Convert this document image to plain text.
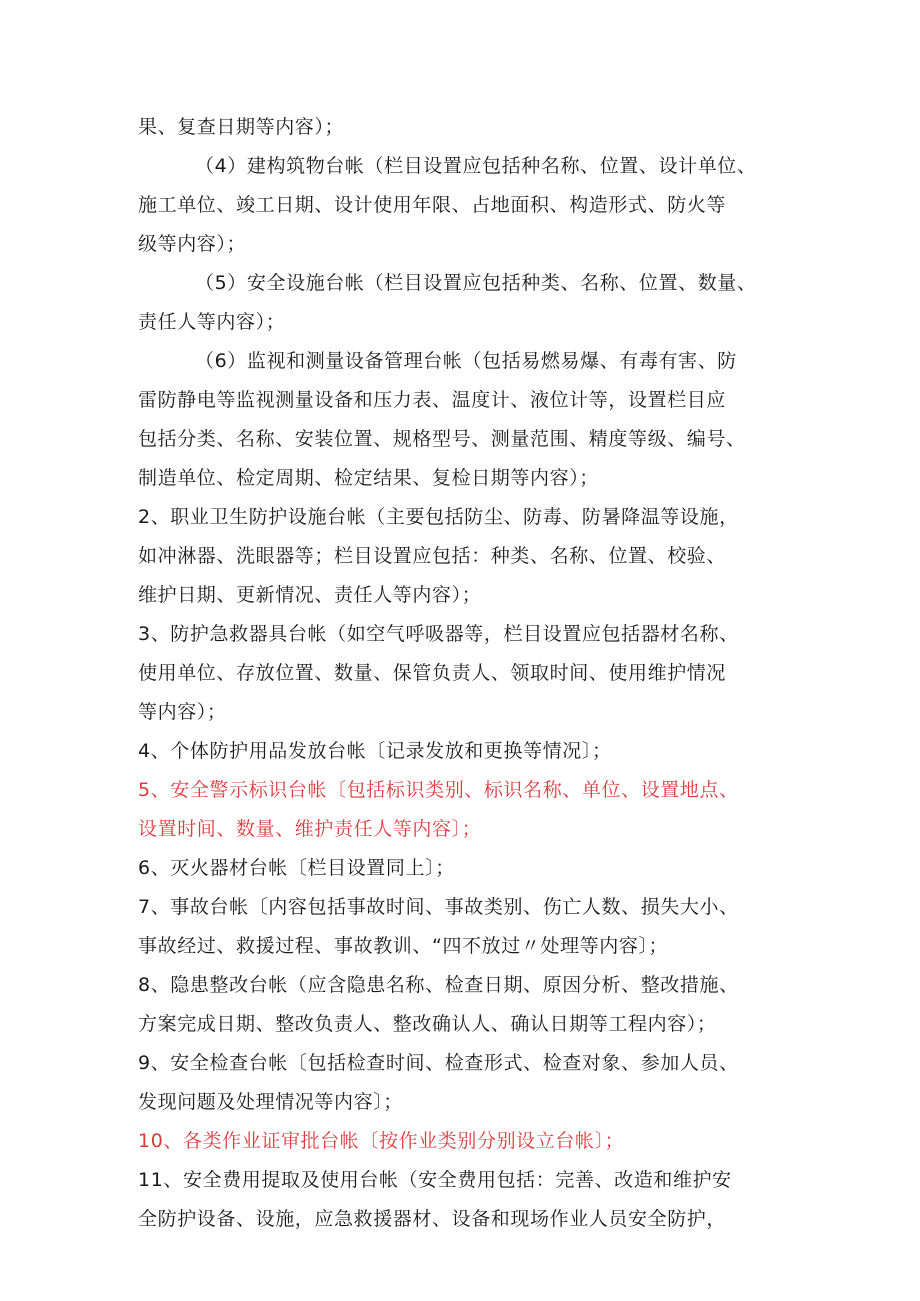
果、复查日期等内容）；
（4）建构筑物台帐（栏目设置应包括种名称、位置、设计单位、
施工单位、竣工日期、设计使用年限、占地面积、构造形式、防火等
级等内容）；
（5）安全设施台帐（栏目设置应包括种类、名称、位置、数量、
责任人等内容）；
（6）监视和测量设备管理台帐（包括易燃易爆、有毒有害、防
雷防静电等监视测量设备和压力表、温度计、液位计等，设置栏目应
包括分类、名称、安装位置、规格型号、测量范围、精度等级、编号、
制造单位、检定周期、检定结果、复检日期等内容）；
2、职业卫生防护设施台帐（主要包括防尘、防毒、防暑降温等设施，
如冲淋器、洗眼器等；栏目设置应包括：种类、名称、位置、校验、
维护日期、更新情况、责任人等内容）；
3、防护急救器具台帐（如空气呼吸器等，栏目设置应包括器材名称、
使用单位、存放位置、数量、保管负责人、领取时间、使用维护情况
等内容）；
4、个体防护用品发放台帐〔记录发放和更换等情况〕；
5、安全警示标识台帐〔包括标识类别、标识名称、单位、设置地点、
设置时间、数量、维护责任人等内容〕；
6、灭火器材台帐〔栏目设置同上〕；
7、事故台帐〔内容包括事故时间、事故类别、伤亡人数、损失大小、
事故经过、救援过程、事故教训、“四不放过〃处理等内容〕；
8、隐患整改台帐（应含隐患名称、检查日期、原因分析、整改措施、
方案完成日期、整改负责人、整改确认人、确认日期等工程内容）；
9、安全检查台帐〔包括检查时间、检查形式、检查对象、参加人员、
发现问题及处理情况等内容〕；
10、各类作业证审批台帐〔按作业类别分别设立台帐〕；
11、安全费用提取及使用台帐（安全费用包括：完善、改造和维护安
全防护设备、设施，应急救援器材、设备和现场作业人员安全防护，
